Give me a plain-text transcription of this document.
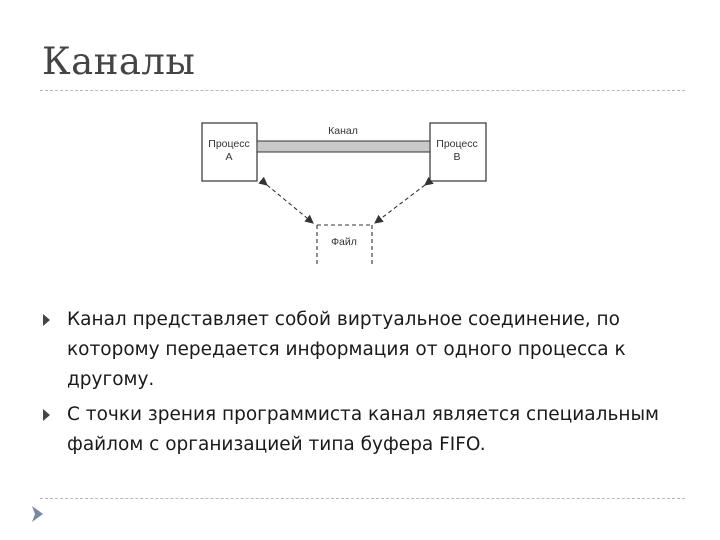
Каналы
Процесс
A
Процесс
B
Канал
Файл
Канал представляет собой виртуальное соединение, по которому передается информация от одного процесса к другому.
С точки зрения программиста канал является специальным файлом с организацией типа буфера FIFO.
